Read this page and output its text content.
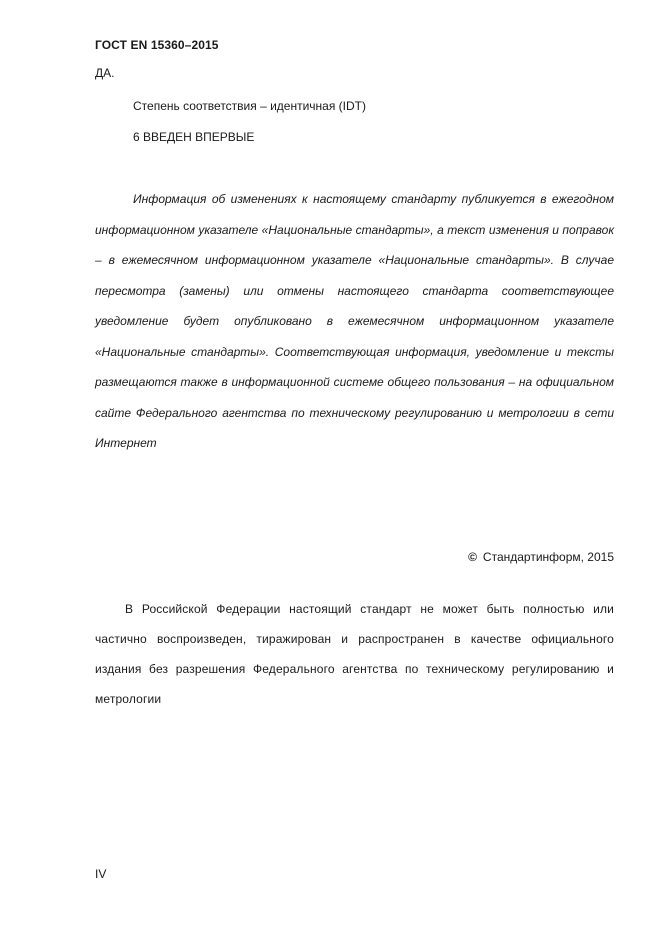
ГОСТ EN 15360–2015
ДА.
Степень соответствия – идентичная (IDT)
6 ВВЕДЕН ВПЕРВЫЕ

Информация об изменениях к настоящему стандарту публикуется в ежегодном информационном указателе «Национальные стандарты», а текст изменения и поправок – в ежемесячном информационном указателе «Национальные стандарты». В случае пересмотра (замены) или отмены настоящего стандарта соответствующее уведомление будет опубликовано в ежемесячном информационном указателе «Национальные стандарты». Соответствующая информация, уведомление и тексты размещаются также в информационной системе общего пользования – на официальном сайте Федерального агентства по техническому регулированию и метрологии в сети Интернет

© Стандартинформ, 2015

В Российской Федерации настоящий стандарт не может быть полностью или частично воспроизведен, тиражирован и распространен в качестве официального издания без разрешения Федерального агентства по техническому регулированию и метрологии

IV
